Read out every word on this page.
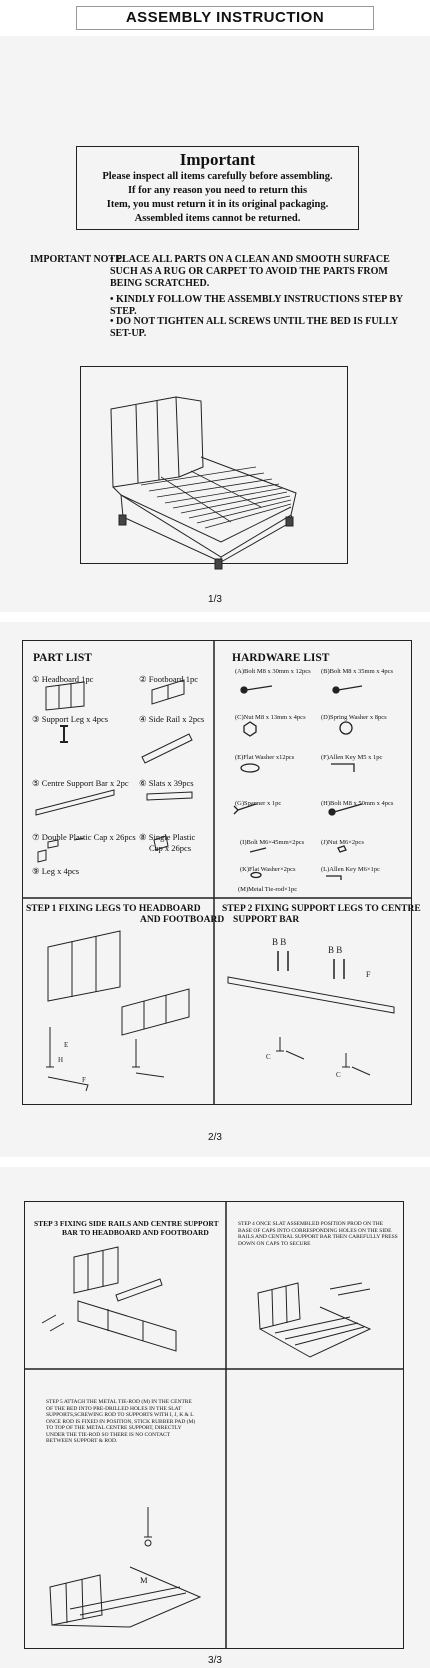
ASSEMBLY INSTRUCTION
Important
Please inspect all items carefully before assembling.
If for any reason you need to return this
Item, you must return it in its original packaging.
Assembled items cannot be returned.
IMPORTANT NOTE:
• PLACE ALL PARTS ON A CLEAN AND SMOOTH SURFACE SUCH AS A RUG OR CARPET TO AVOID THE PARTS FROM BEING SCRATCHED.
• KINDLY FOLLOW THE ASSEMBLY INSTRUCTIONS STEP BY STEP.
• DO NOT TIGHTEN ALL SCREWS UNTIL THE BED IS FULLY SET-UP.
1/3
PART LIST
① Headboard 1pc	② Footboard 1pc
③ Support Leg x 4pcs	④ Side Rail x 2pcs
⑤ Centre Support Bar x 2pc ⑥ Slats x 39pcs
⑦ Double Plastic Cap x 26pcs ⑧ Single Plastic
Cap x 26pcs
⑨ Leg x 4pcs
HARDWARE LIST
(A)Bolt M8 x 30mm x 12pcs (B)Bolt M8 x 35mm x 4pcs
(C)Nut M8 x 13mm x 4pcs (D)Spring Washer x 8pcs
(E)Flat Washer x12pcs	(F)Allen Key M5 x 1pc
(G)Spanner x 1pc	(H)Bolt M8 x 50mm x 4pcs
(I)Bolt M6×45mm×2pcs	(J)Nut M6×2pcs
(K)Flat Washer×2pcs	(L)Allen Key M6×1pc
(M)Metal Tie-rod×1pc
STEP 1 FIXING LEGS TO HEADBOARD
AND FOOTBOARD
STEP 2 FIXING SUPPORT LEGS TO CENTRE
SUPPORT BAR
E
H
F
B B
B B
F
C
C
2/3
STEP 3 FIXING SIDE RAILS AND CENTRE SUPPORT
BAR TO HEADBOARD AND FOOTBOARD
STEP 4 ONCE SLAT ASSEMBLED POSITION PROD ON THE BASE OF CAPS INTO CORRESPONDING HOLES ON THE SIDE RAILS AND CENTRAL SUPPORT BAR THEN CAREFULLY PRESS DOWN ON CAPS TO SECURE
STEP 5 ATTACH THE METAL TIE-ROD (M) IN THE CENTRE OF THE BED INTO PRE-DRILLED HOLES IN THE SLAT SUPPORTS,SCREWING ROD TO SUPPORTS WITH I, J, K & L ONCE ROD IS FIXED IN POSITION, STICK RUBBER PAD (M) TO TOP OF THE METAL CENTRE SUPPORT, DIRECTLY UNDER THE TIE-ROD SO THERE IS NO CONTACT BETWEEN SUPPORT & ROD.
M
3/3
